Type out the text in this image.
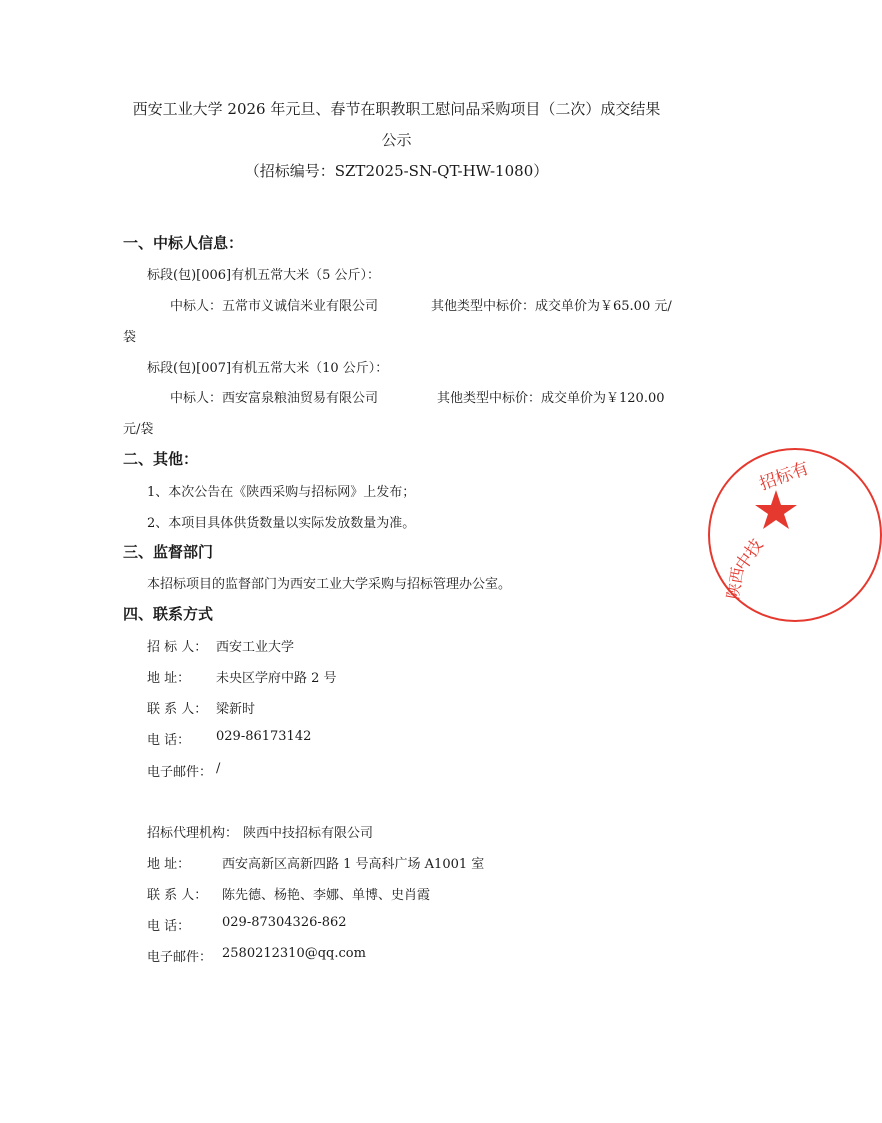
西安工业大学 2026 年元旦、春节在职教职工慰问品采购项目（二次）成交结果
公示
（招标编号：SZT2025-SN-QT-HW-1080）
一、中标人信息：
标段(包)[006]有机五常大米（5 公斤）：
中标人：五常市义诚信米业有限公司	其他类型中标价：成交单价为￥65.00 元/
袋
标段(包)[007]有机五常大米（10 公斤）：
中标人：西安富泉粮油贸易有限公司	其他类型中标价：成交单价为￥120.00
元/袋
二、其他：
1、本次公告在《陕西采购与招标网》上发布；
2、本项目具体供货数量以实际发放数量为准。
三、监督部门
本招标项目的监督部门为西安工业大学采购与招标管理办公室。
四、联系方式
招 标 人： 西安工业大学
地 址： 未央区学府中路 2 号
联 系 人： 梁新时
电 话： 029-86173142
电子邮件： /
招标代理机构： 陕西中技招标有限公司
地 址： 西安高新区高新四路 1 号高科广场 A1001 室
联 系 人： 陈先德、杨艳、李娜、单博、史肖霞
电 话： 029-87304326-862
电子邮件： 2580212310@qq.com
中技
招标有
陕西
